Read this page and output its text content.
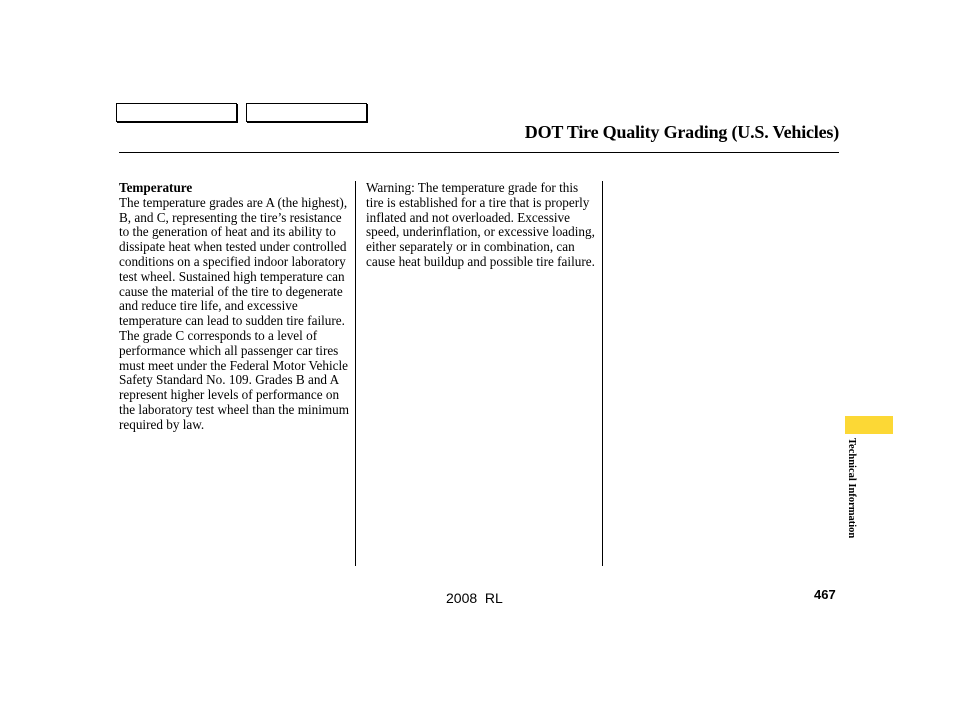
DOT Tire Quality Grading (U.S. Vehicles)
Temperature
The temperature grades are A (the highest), B, and C, representing the tire’s resistance to the generation of heat and its ability to dissipate heat when tested under controlled conditions on a specified indoor laboratory test wheel. Sustained high temperature can cause the material of the tire to degenerate and reduce tire life, and excessive temperature can lead to sudden tire failure. The grade C corresponds to a level of performance which all passenger car tires must meet under the Federal Motor Vehicle Safety Standard No. 109. Grades B and A represent higher levels of performance on the laboratory test wheel than the minimum required by law.
Warning: The temperature grade for this tire is established for a tire that is properly inflated and not overloaded. Excessive speed, underinflation, or excessive loading, either separately or in combination, can cause heat buildup and possible tire failure.
Technical Information
2008  RL	467
